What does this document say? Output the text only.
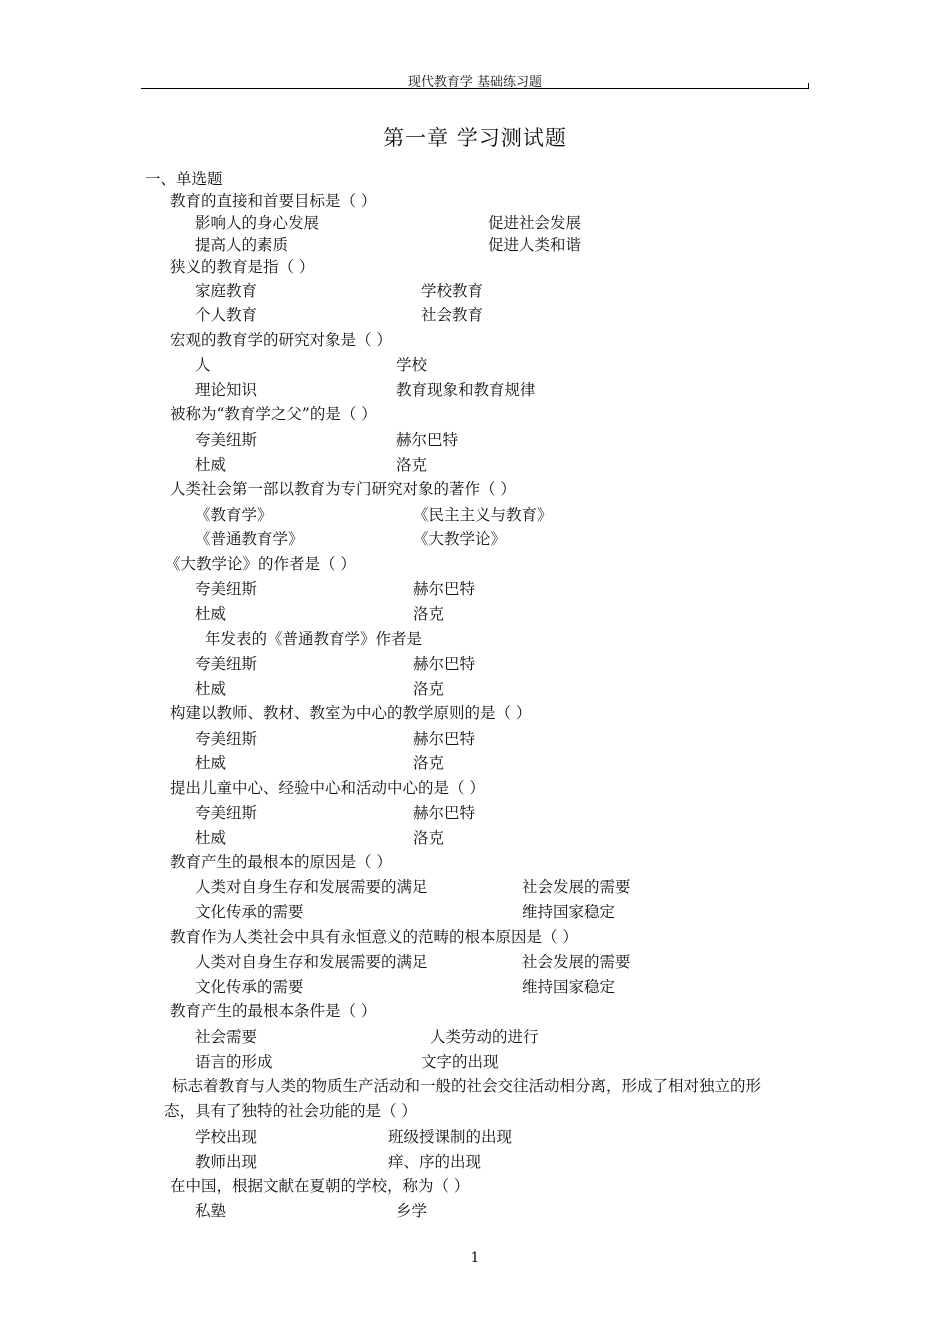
现代教育学 基础练习题
第一章 学习测试题
一、单选题
教育的直接和首要目标是（ ）
影响人的身心发展	促进社会发展
提高人的素质	促进人类和谐
狭义的教育是指（ ）
家庭教育	学校教育
个人教育	社会教育
宏观的教育学的研究对象是（ ）
人	学校
理论知识	教育现象和教育规律
被称为“教育学之父”的是（ ）
夸美纽斯	赫尔巴特
杜威	洛克
人类社会第一部以教育为专门研究对象的著作（ ）
《教育学》	《民主主义与教育》
《普通教育学》	《大教学论》
《大教学论》的作者是（ ）
夸美纽斯	赫尔巴特
杜威	洛克
年发表的《普通教育学》作者是
夸美纽斯	赫尔巴特
杜威	洛克
构建以教师、教材、教室为中心的教学原则的是（ ）
夸美纽斯	赫尔巴特
杜威	洛克
提出儿童中心、经验中心和活动中心的是（ ）
夸美纽斯	赫尔巴特
杜威	洛克
教育产生的最根本的原因是（ ）
人类对自身生存和发展需要的满足	社会发展的需要
文化传承的需要	维持国家稳定
教育作为人类社会中具有永恒意义的范畴的根本原因是（ ）
人类对自身生存和发展需要的满足	社会发展的需要
文化传承的需要	维持国家稳定
教育产生的最根本条件是（ ）
社会需要	人类劳动的进行
语言的形成	文字的出现
标志着教育与人类的物质生产活动和一般的社会交往活动相分离，形成了相对独立的形
态，具有了独特的社会功能的是（ ）
学校出现	班级授课制的出现
教师出现	痒、序的出现
在中国，根据文献在夏朝的学校，称为（ ）
私塾	乡学
1
